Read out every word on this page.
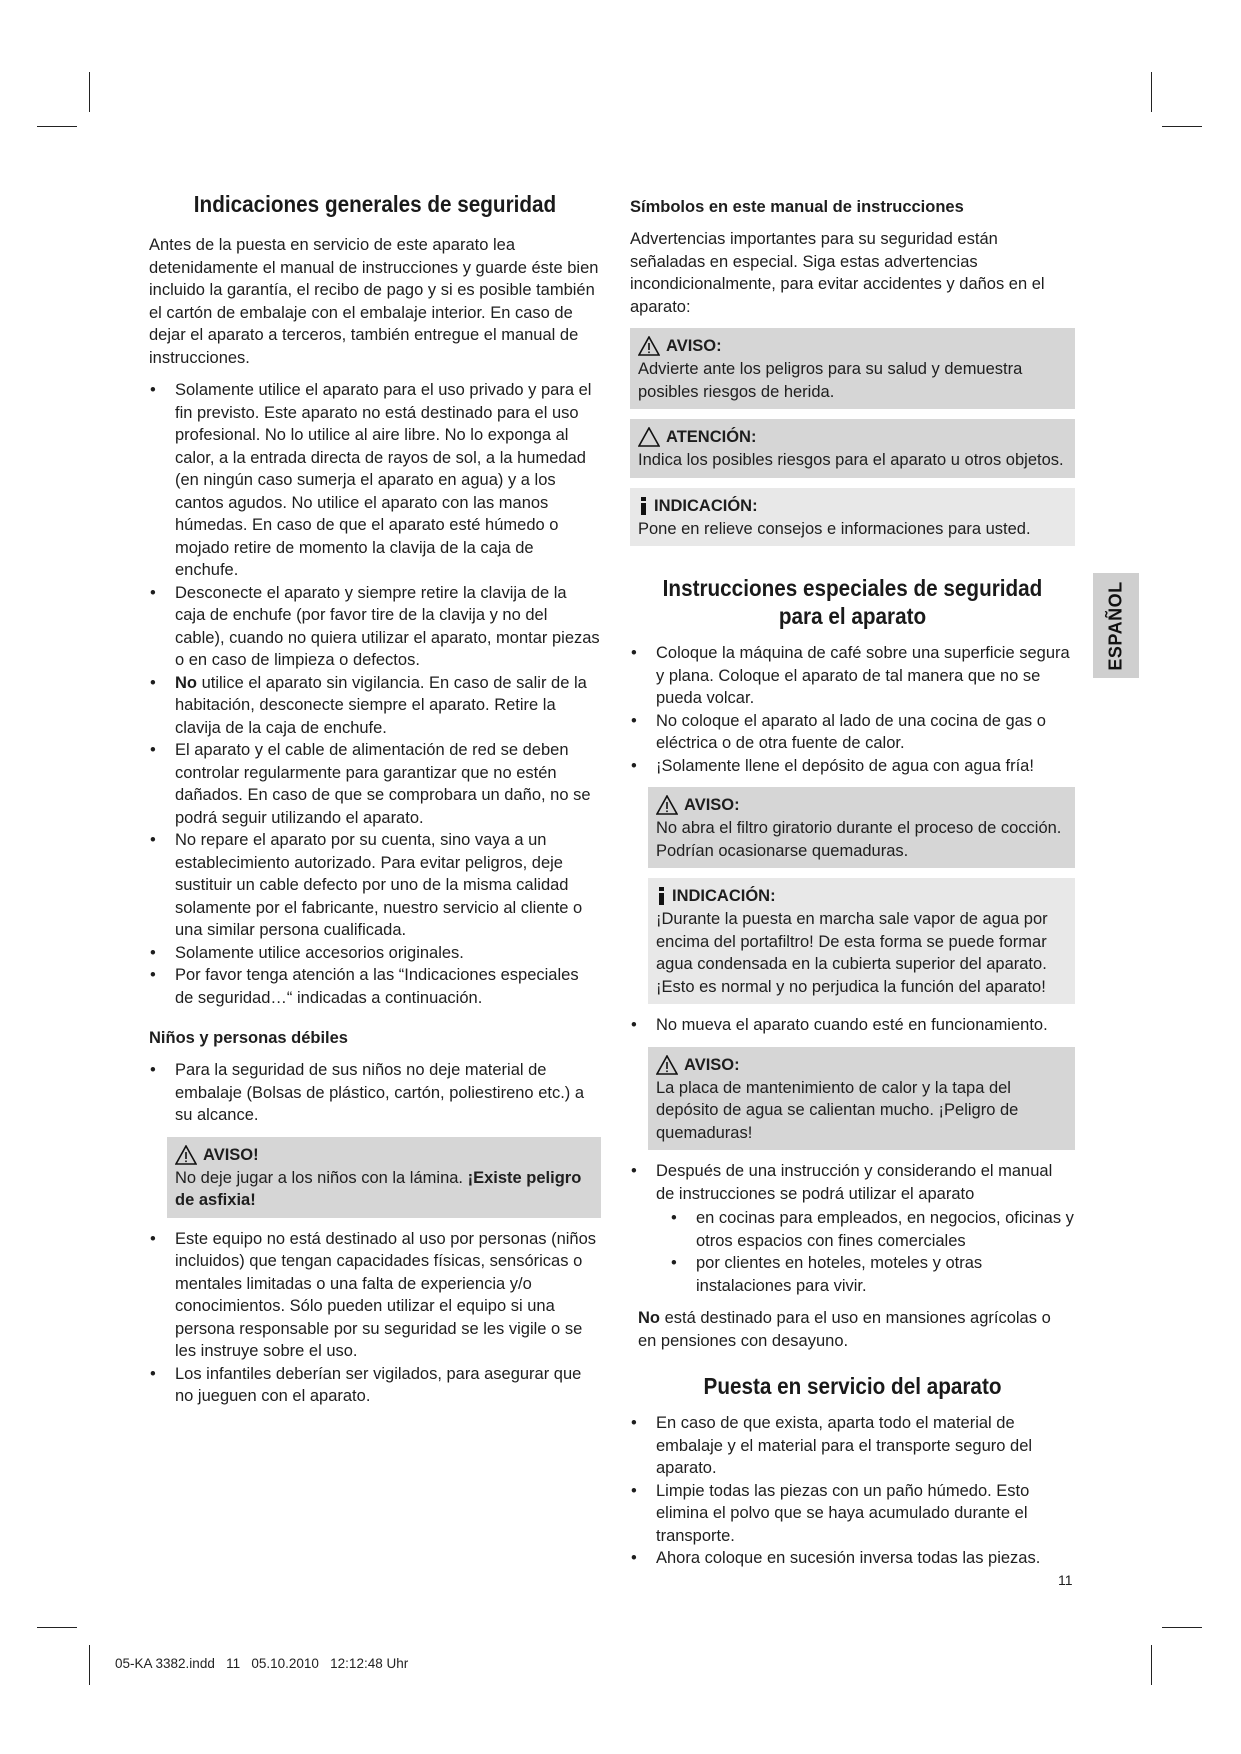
Indicaciones generales de seguridad

Antes de la puesta en servicio de este aparato lea detenidamente el manual de instrucciones y guarde éste bien incluido la garantía, el recibo de pago y si es posible también el cartón de embalaje con el embalaje interior. En caso de dejar el aparato a terceros, también entregue el manual de instrucciones.

• Solamente utilice el aparato para el uso privado y para el fin previsto. Este aparato no está destinado para el uso profesional. No lo utilice al aire libre. No lo exponga al calor, a la entrada directa de rayos de sol, a la humedad (en ningún caso sumerja el aparato en agua) y a los cantos agudos. No utilice el aparato con las manos húmedas. En caso de que el aparato esté húmedo o mojado retire de momento la clavija de la caja de enchufe.
• Desconecte el aparato y siempre retire la clavija de la caja de enchufe (por favor tire de la clavija y no del cable), cuando no quiera utilizar el aparato, montar piezas o en caso de limpieza o defectos.
• No utilice el aparato sin vigilancia. En caso de salir de la habitación, desconecte siempre el aparato. Retire la clavija de la caja de enchufe.
• El aparato y el cable de alimentación de red se deben controlar regularmente para garantizar que no estén dañados. En caso de que se comprobara un daño, no se podrá seguir utilizando el aparato.
• No repare el aparato por su cuenta, sino vaya a un establecimiento autorizado. Para evitar peligros, deje sustituir un cable defecto por uno de la misma calidad solamente por el fabricante, nuestro servicio al cliente o una similar persona cualificada.
• Solamente utilice accesorios originales.
• Por favor tenga atención a las “Indicaciones especiales de seguridad…“ indicadas a continuación.
Niños y personas débiles
• Para la seguridad de sus niños no deje material de embalaje (Bolsas de plástico, cartón, poliestireno etc.) a su alcance.
AVISO!
No deje jugar a los niños con la lámina. ¡Existe peligro de asfixia!
• Este equipo no está destinado al uso por personas (niños incluidos) que tengan capacidades físicas, sensóricas o mentales limitadas o una falta de experiencia y/o conocimientos. Sólo pueden utilizar el equipo si una persona responsable por su seguridad se les vigile o se les instruye sobre el uso.
• Los infantiles deberían ser vigilados, para asegurar que no jueguen con el aparato.
Símbolos en este manual de instrucciones

Advertencias importantes para su seguridad están señaladas en especial. Siga estas advertencias incondicionalmente, para evitar accidentes y daños en el aparato:

AVISO:
Advierte ante los peligros para su salud y demuestra posibles riesgos de herida.
ATENCIÓN:
Indica los posibles riesgos para el aparato u otros objetos.
INDICACIÓN:
Pone en relieve consejos e informaciones para usted.
Instrucciones especiales de seguridad
para el aparato
• Coloque la máquina de café sobre una superficie segura y plana. Coloque el aparato de tal manera que no se pueda volcar.
• No coloque el aparato al lado de una cocina de gas o eléctrica o de otra fuente de calor.
• ¡Solamente llene el depósito de agua con agua fría!
AVISO:
No abra el filtro giratorio durante el proceso de cocción. Podrían ocasionarse quemaduras.
INDICACIÓN:
¡Durante la puesta en marcha sale vapor de agua por encima del portafiltro! De esta forma se puede formar agua condensada en la cubierta superior del aparato. ¡Esto es normal y no perjudica la función del aparato!
• No mueva el aparato cuando esté en funcionamiento.
AVISO:
La placa de mantenimiento de calor y la tapa del depósito de agua se calientan mucho. ¡Peligro de quemaduras!
• Después de una instrucción y considerando el manual de instrucciones se podrá utilizar el aparato
• en cocinas para empleados, en negocios, oficinas y otros espacios con fines comerciales
• por clientes en hoteles, moteles y otras instalaciones para vivir.

No está destinado para el uso en mansiones agrícolas o en pensiones con desayuno.

Puesta en servicio del aparato
• En caso de que exista, aparta todo el material de embalaje y el material para el transporte seguro del aparato.
• Limpie todas las piezas con un paño húmedo. Esto elimina el polvo que se haya acumulado durante el transporte.
• Ahora coloque en sucesión inversa todas las piezas.
ESPAÑOL
11
05-KA 3382.indd   11   05.10.2010   12:12:48 Uhr
